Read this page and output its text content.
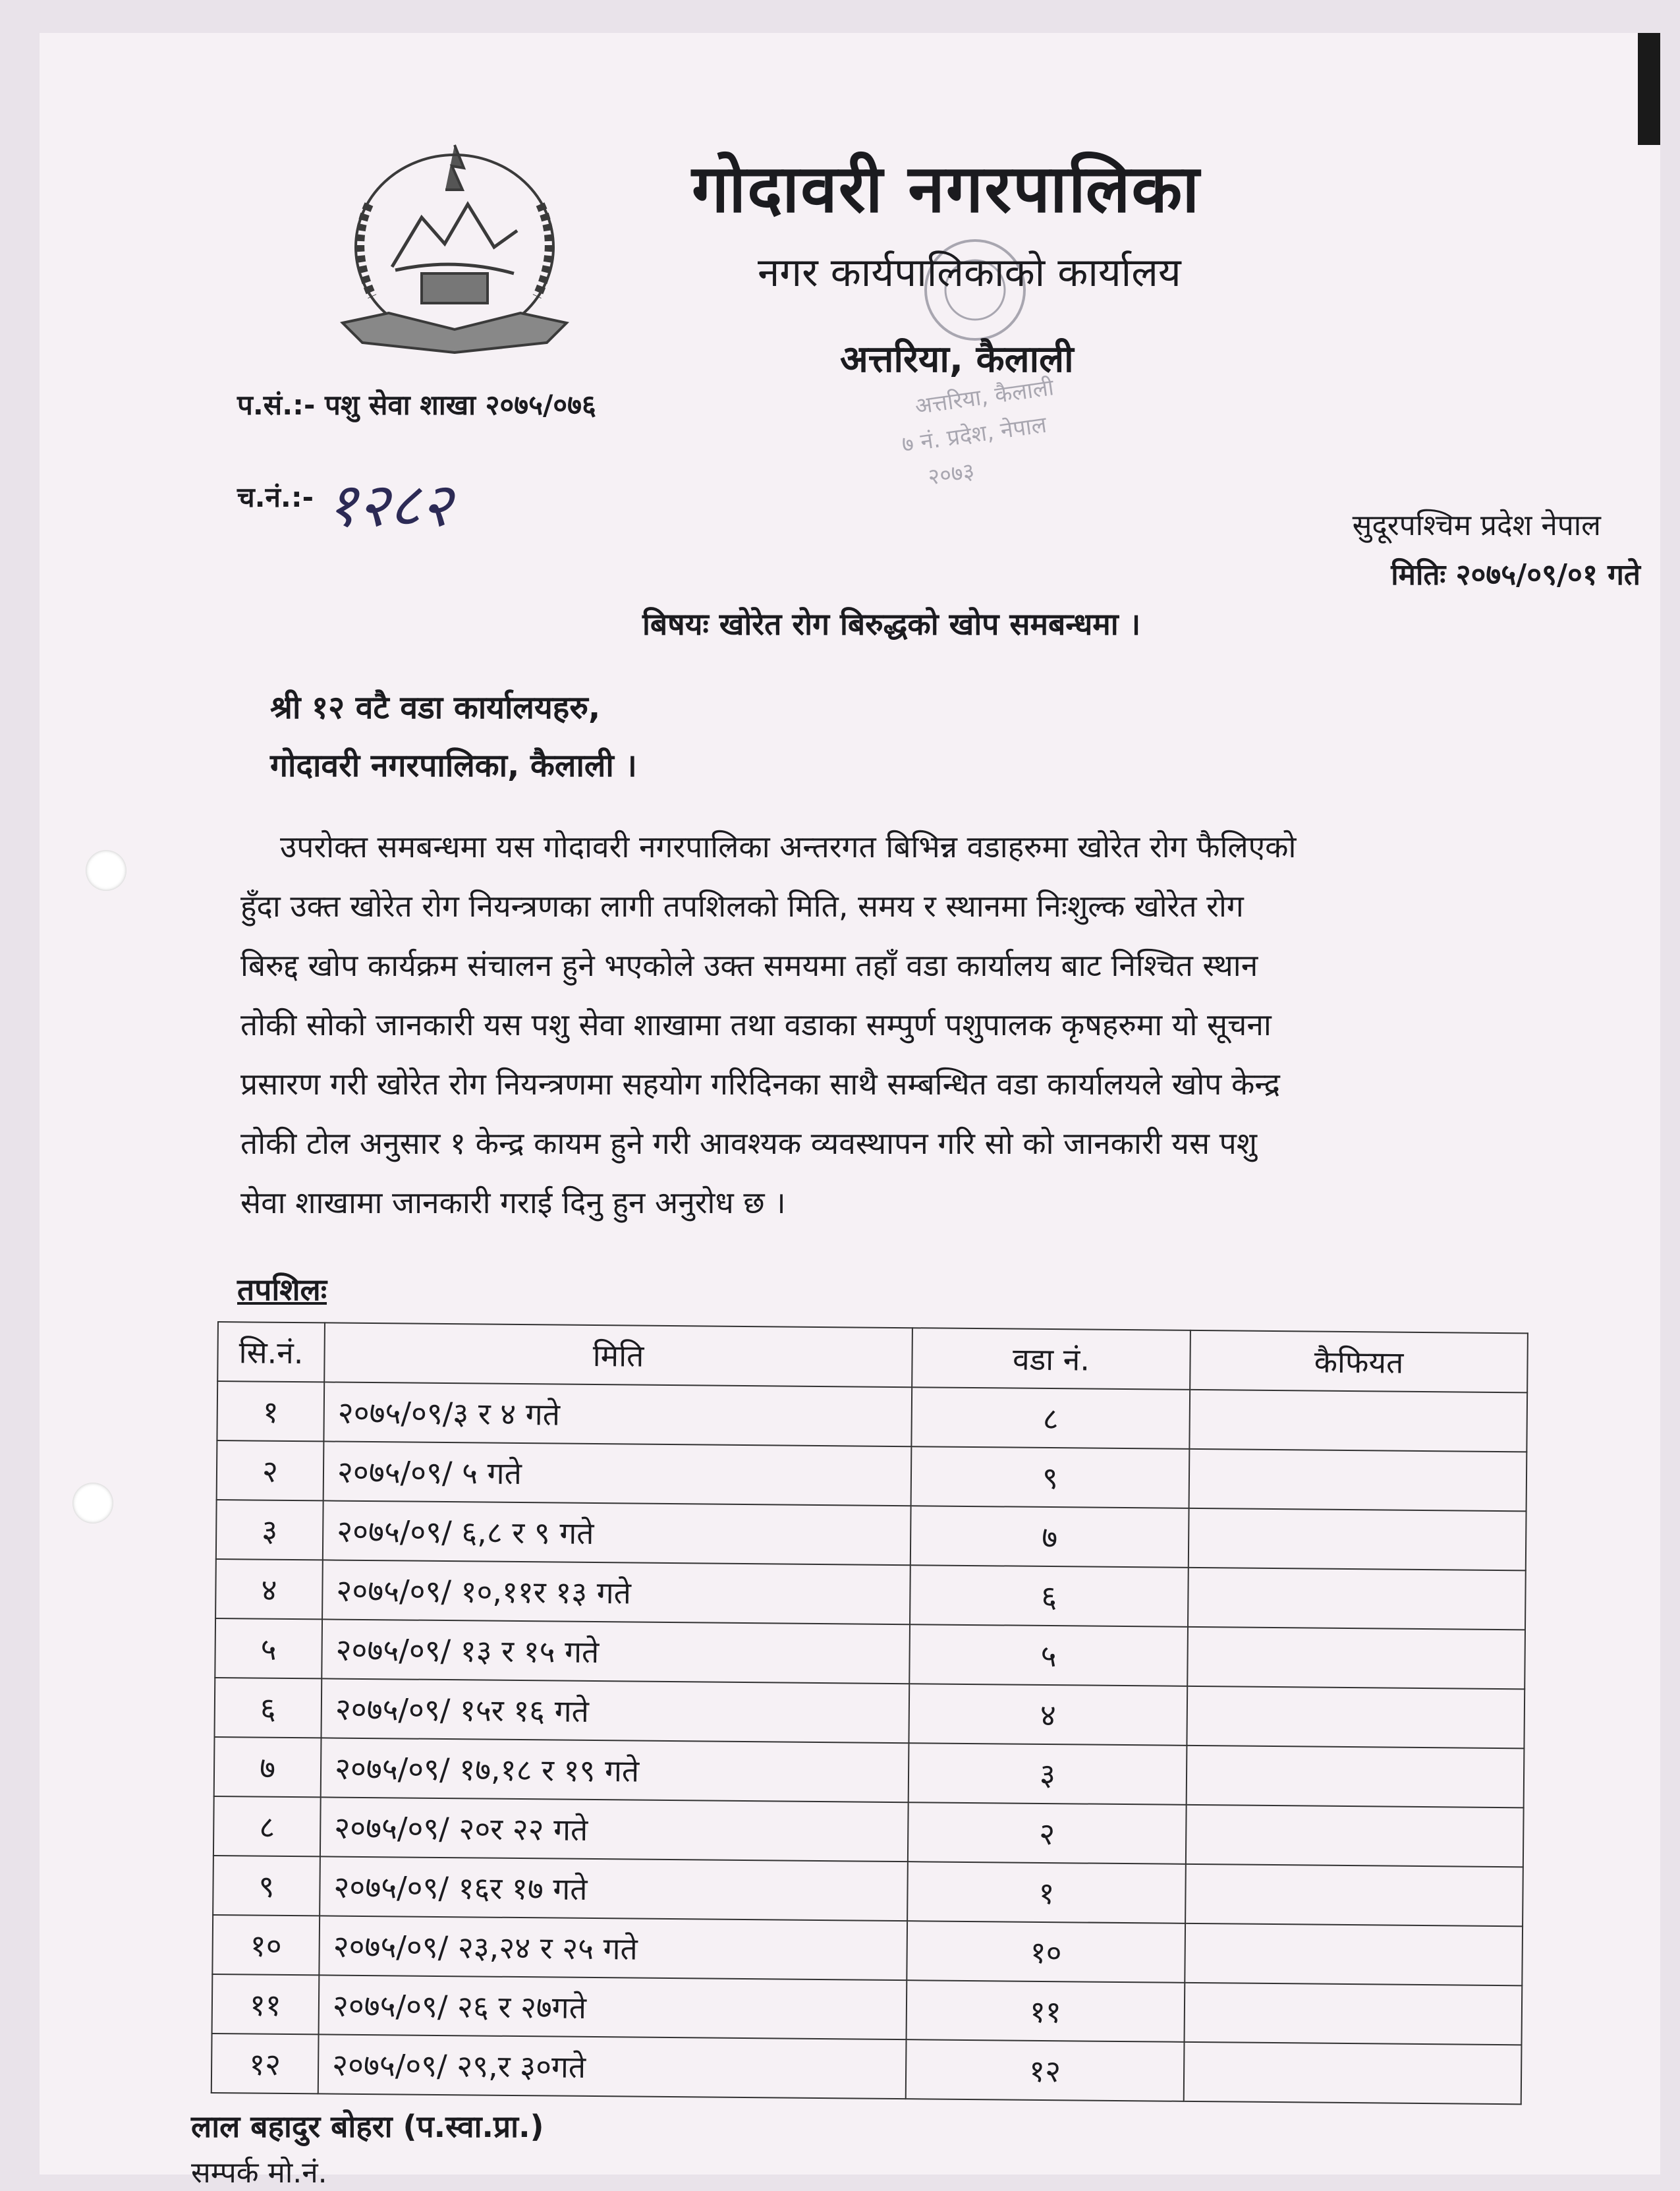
अत्तरिया, कैलाली
७ नं. प्रदेश, नेपाल
२०७३
गोदावरी नगरपालिका
नगर कार्यपालिकाको कार्यालय
अत्तरिया, कैलाली
प.सं.:- पशु सेवा शाखा २०७५/०७६
च.नं.:- १२८२	सुदूरपश्चिम प्रदेश नेपाल
मितिः २०७५/०९/०१ गते
बिषयः खोरेत रोग बिरुद्धको खोप समबन्धमा ।
श्री १२ वटै वडा कार्यालयहरु,
गोदावरी नगरपालिका, कैलाली ।
उपरोक्त समबन्धमा यस गोदावरी नगरपालिका अन्तरगत बिभिन्न वडाहरुमा खोरेत रोग फैलिएको
हुँदा उक्त खोरेत रोग नियन्त्रणका लागी तपशिलको मिति, समय र स्थानमा निःशुल्क खोरेत रोग
बिरुद्द खोप कार्यक्रम संचालन हुने भएकोले उक्त समयमा तहाँ वडा कार्यालय बाट निश्चित स्थान
तोकी सोको जानकारी यस पशु सेवा शाखामा तथा वडाका सम्पुर्ण पशुपालक कृषहरुमा यो सूचना
प्रसारण गरी खोरेत रोग नियन्त्रणमा सहयोग गरिदिनका साथै सम्बन्धित वडा कार्यालयले खोप केन्द्र
तोकी टोल अनुसार १ केन्द्र कायम हुने गरी आवश्यक व्यवस्थापन गरि सो को जानकारी यस पशु
सेवा शाखामा जानकारी गराई दिनु हुन अनुरोध छ ।
तपशिलः
सि.नं.	मिति	वडा नं.	कैफियत
१	२०७५/०९/३ र ४ गते	८	
२	२०७५/०९/ ५ गते	९	
३	२०७५/०९/ ६,८ र ९ गते	७	
४	२०७५/०९/ १०,११र १३ गते	६	
५	२०७५/०९/ १३ र १५ गते	५	
६	२०७५/०९/ १५र १६ गते	४	
७	२०७५/०९/ १७,१८ र १९ गते	३	
८	२०७५/०९/ २०र २२ गते	२	
९	२०७५/०९/ १६र १७ गते	१	
१०	२०७५/०९/ २३,२४ र २५ गते	१०	
११	२०७५/०९/ २६ र २७गते	११	
१२	२०७५/०९/ २९,र ३०गते	१२	
लाल बहादुर बोहरा (प.स्वा.प्रा.)
सम्पर्क मो.नं.
